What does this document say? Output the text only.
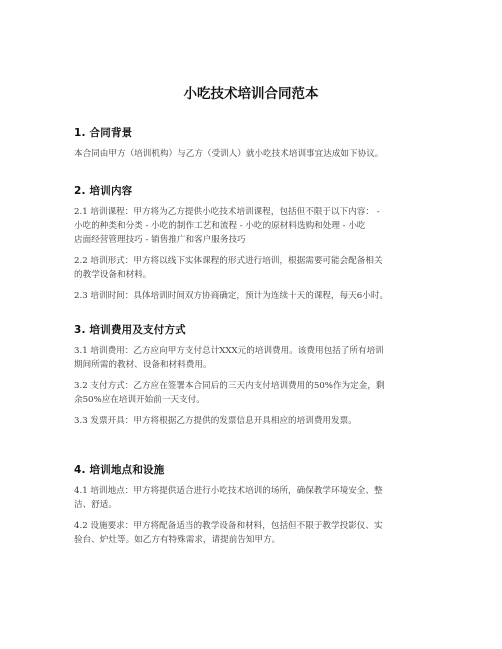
小吃技术培训合同范本
1. 合同背景
本合同由甲方（培训机构）与乙方（受训人）就小吃技术培训事宜达成如下协议。
2. 培训内容
2.1 培训课程：甲方将为乙方提供小吃技术培训课程，包括但不限于以下内容： -
小吃的种类和分类 - 小吃的制作工艺和流程 - 小吃的原材料选购和处理 - 小吃
店面经营管理技巧 - 销售推广和客户服务技巧
2.2 培训形式：甲方将以线下实体课程的形式进行培训，根据需要可能会配备相关
的教学设备和材料。
2.3 培训时间：具体培训时间双方协商确定，预计为连续十天的课程，每天6小时。
3. 培训费用及支付方式
3.1 培训费用：乙方应向甲方支付总计XXX元的培训费用。该费用包括了所有培训
期间所需的教材、设备和材料费用。
3.2 支付方式：乙方应在签署本合同后的三天内支付培训费用的50%作为定金，剩
余50%应在培训开始前一天支付。
3.3 发票开具：甲方将根据乙方提供的发票信息开具相应的培训费用发票。
4. 培训地点和设施
4.1 培训地点：甲方将提供适合进行小吃技术培训的场所，确保教学环境安全、整
洁、舒适。
4.2 设施要求：甲方将配备适当的教学设备和材料，包括但不限于教学投影仪、实
验台、炉灶等。如乙方有特殊需求，请提前告知甲方。
